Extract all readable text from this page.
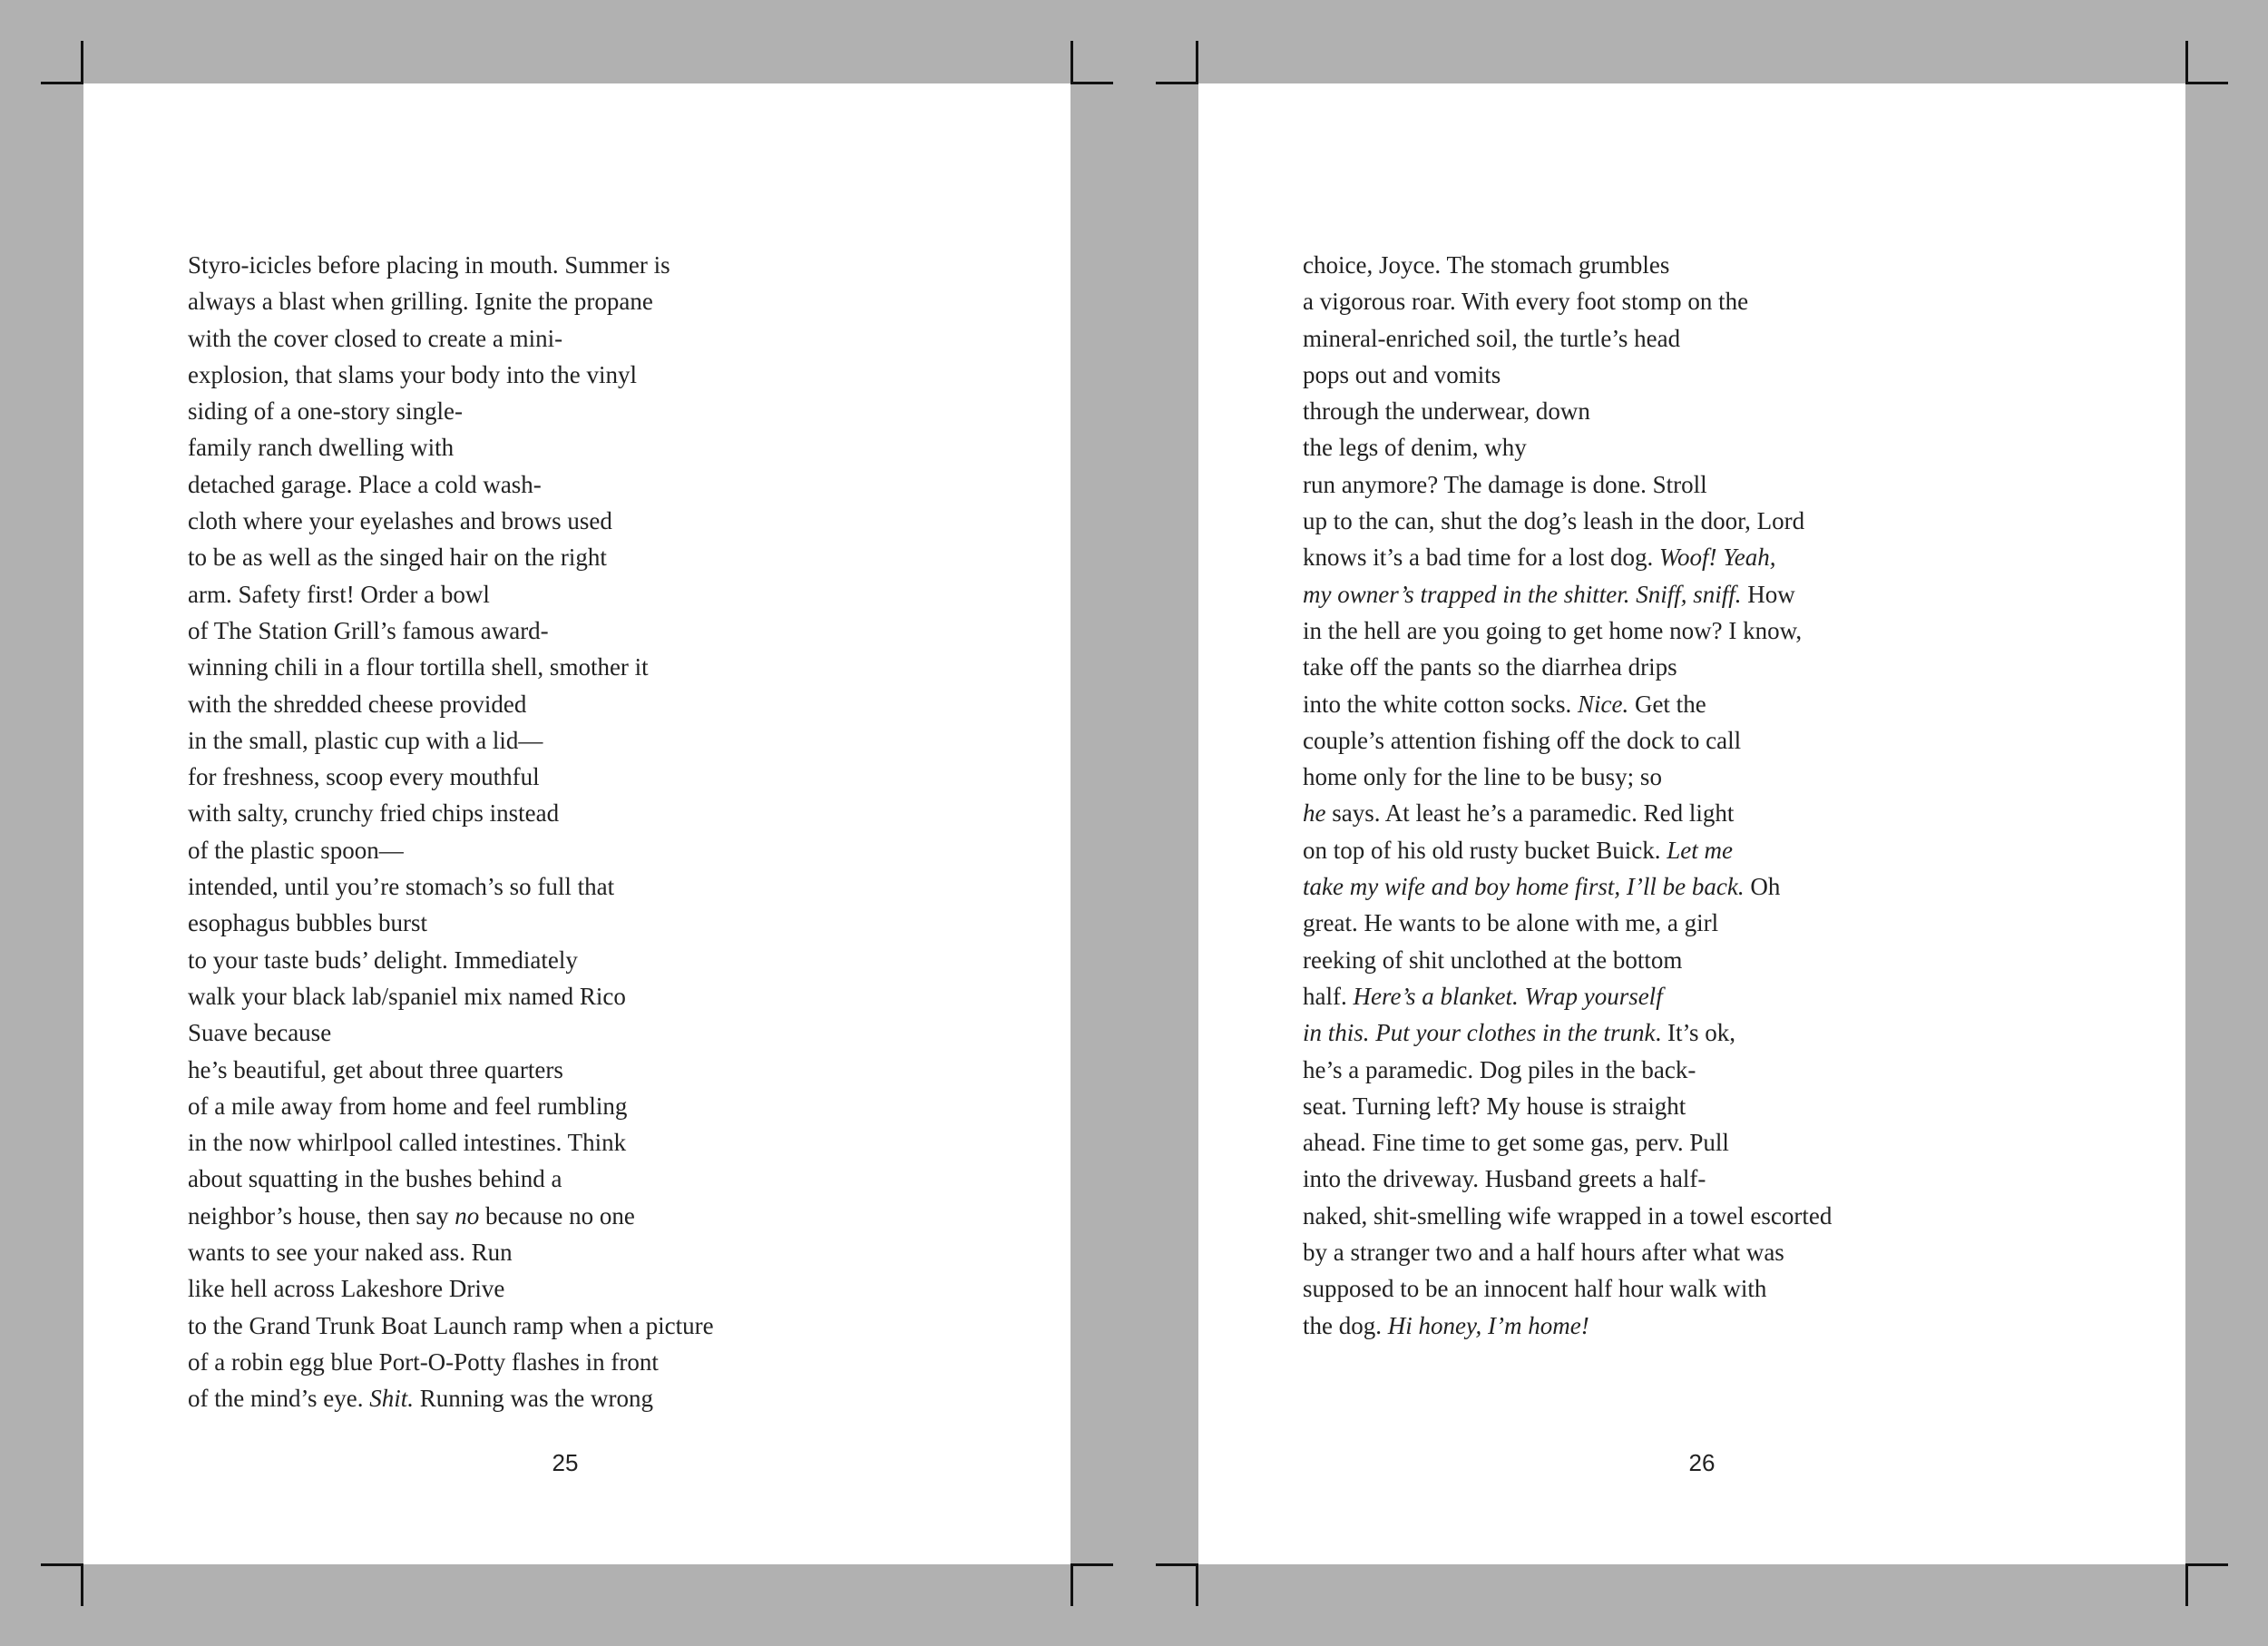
Styro-icicles before placing in mouth. Summer is
always a blast when grilling. Ignite the propane
with the cover closed to create a mini-
explosion, that slams your body into the vinyl
siding of a one-story single-
family ranch dwelling with
detached garage. Place a cold wash-
cloth where your eyelashes and brows used
to be as well as the singed hair on the right
arm. Safety first! Order a bowl
of The Station Grill’s famous award-
winning chili in a flour tortilla shell, smother it
with the shredded cheese provided
in the small, plastic cup with a lid—
for freshness, scoop every mouthful
with salty, crunchy fried chips instead
of the plastic spoon—
intended, until you’re stomach’s so full that
esophagus bubbles burst
to your taste buds’ delight. Immediately
walk your black lab/spaniel mix named Rico
Suave because
he’s beautiful, get about three quarters
of a mile away from home and feel rumbling
in the now whirlpool called intestines. Think
about squatting in the bushes behind a
neighbor’s house, then say no because no one
wants to see your naked ass. Run
like hell across Lakeshore Drive
to the Grand Trunk Boat Launch ramp when a picture
of a robin egg blue Port-O-Potty flashes in front
of the mind’s eye. Shit. Running was the wrong
25
choice, Joyce. The stomach grumbles
a vigorous roar. With every foot stomp on the
mineral-enriched soil, the turtle’s head
pops out and vomits
through the underwear, down
the legs of denim, why
run anymore? The damage is done. Stroll
up to the can, shut the dog’s leash in the door, Lord
knows it’s a bad time for a lost dog. Woof! Yeah,
my owner’s trapped in the shitter. Sniff, sniff. How
in the hell are you going to get home now? I know,
take off the pants so the diarrhea drips
into the white cotton socks. Nice. Get the
couple’s attention fishing off the dock to call
home only for the line to be busy; so
he says. At least he’s a paramedic. Red light
on top of his old rusty bucket Buick. Let me
take my wife and boy home first, I’ll be back. Oh
great. He wants to be alone with me, a girl
reeking of shit unclothed at the bottom
half. Here’s a blanket. Wrap yourself
in this. Put your clothes in the trunk. It’s ok,
he’s a paramedic. Dog piles in the back-
seat. Turning left? My house is straight
ahead. Fine time to get some gas, perv. Pull
into the driveway. Husband greets a half-
naked, shit-smelling wife wrapped in a towel escorted
by a stranger two and a half hours after what was
supposed to be an innocent half hour walk with
the dog. Hi honey, I’m home!
26
